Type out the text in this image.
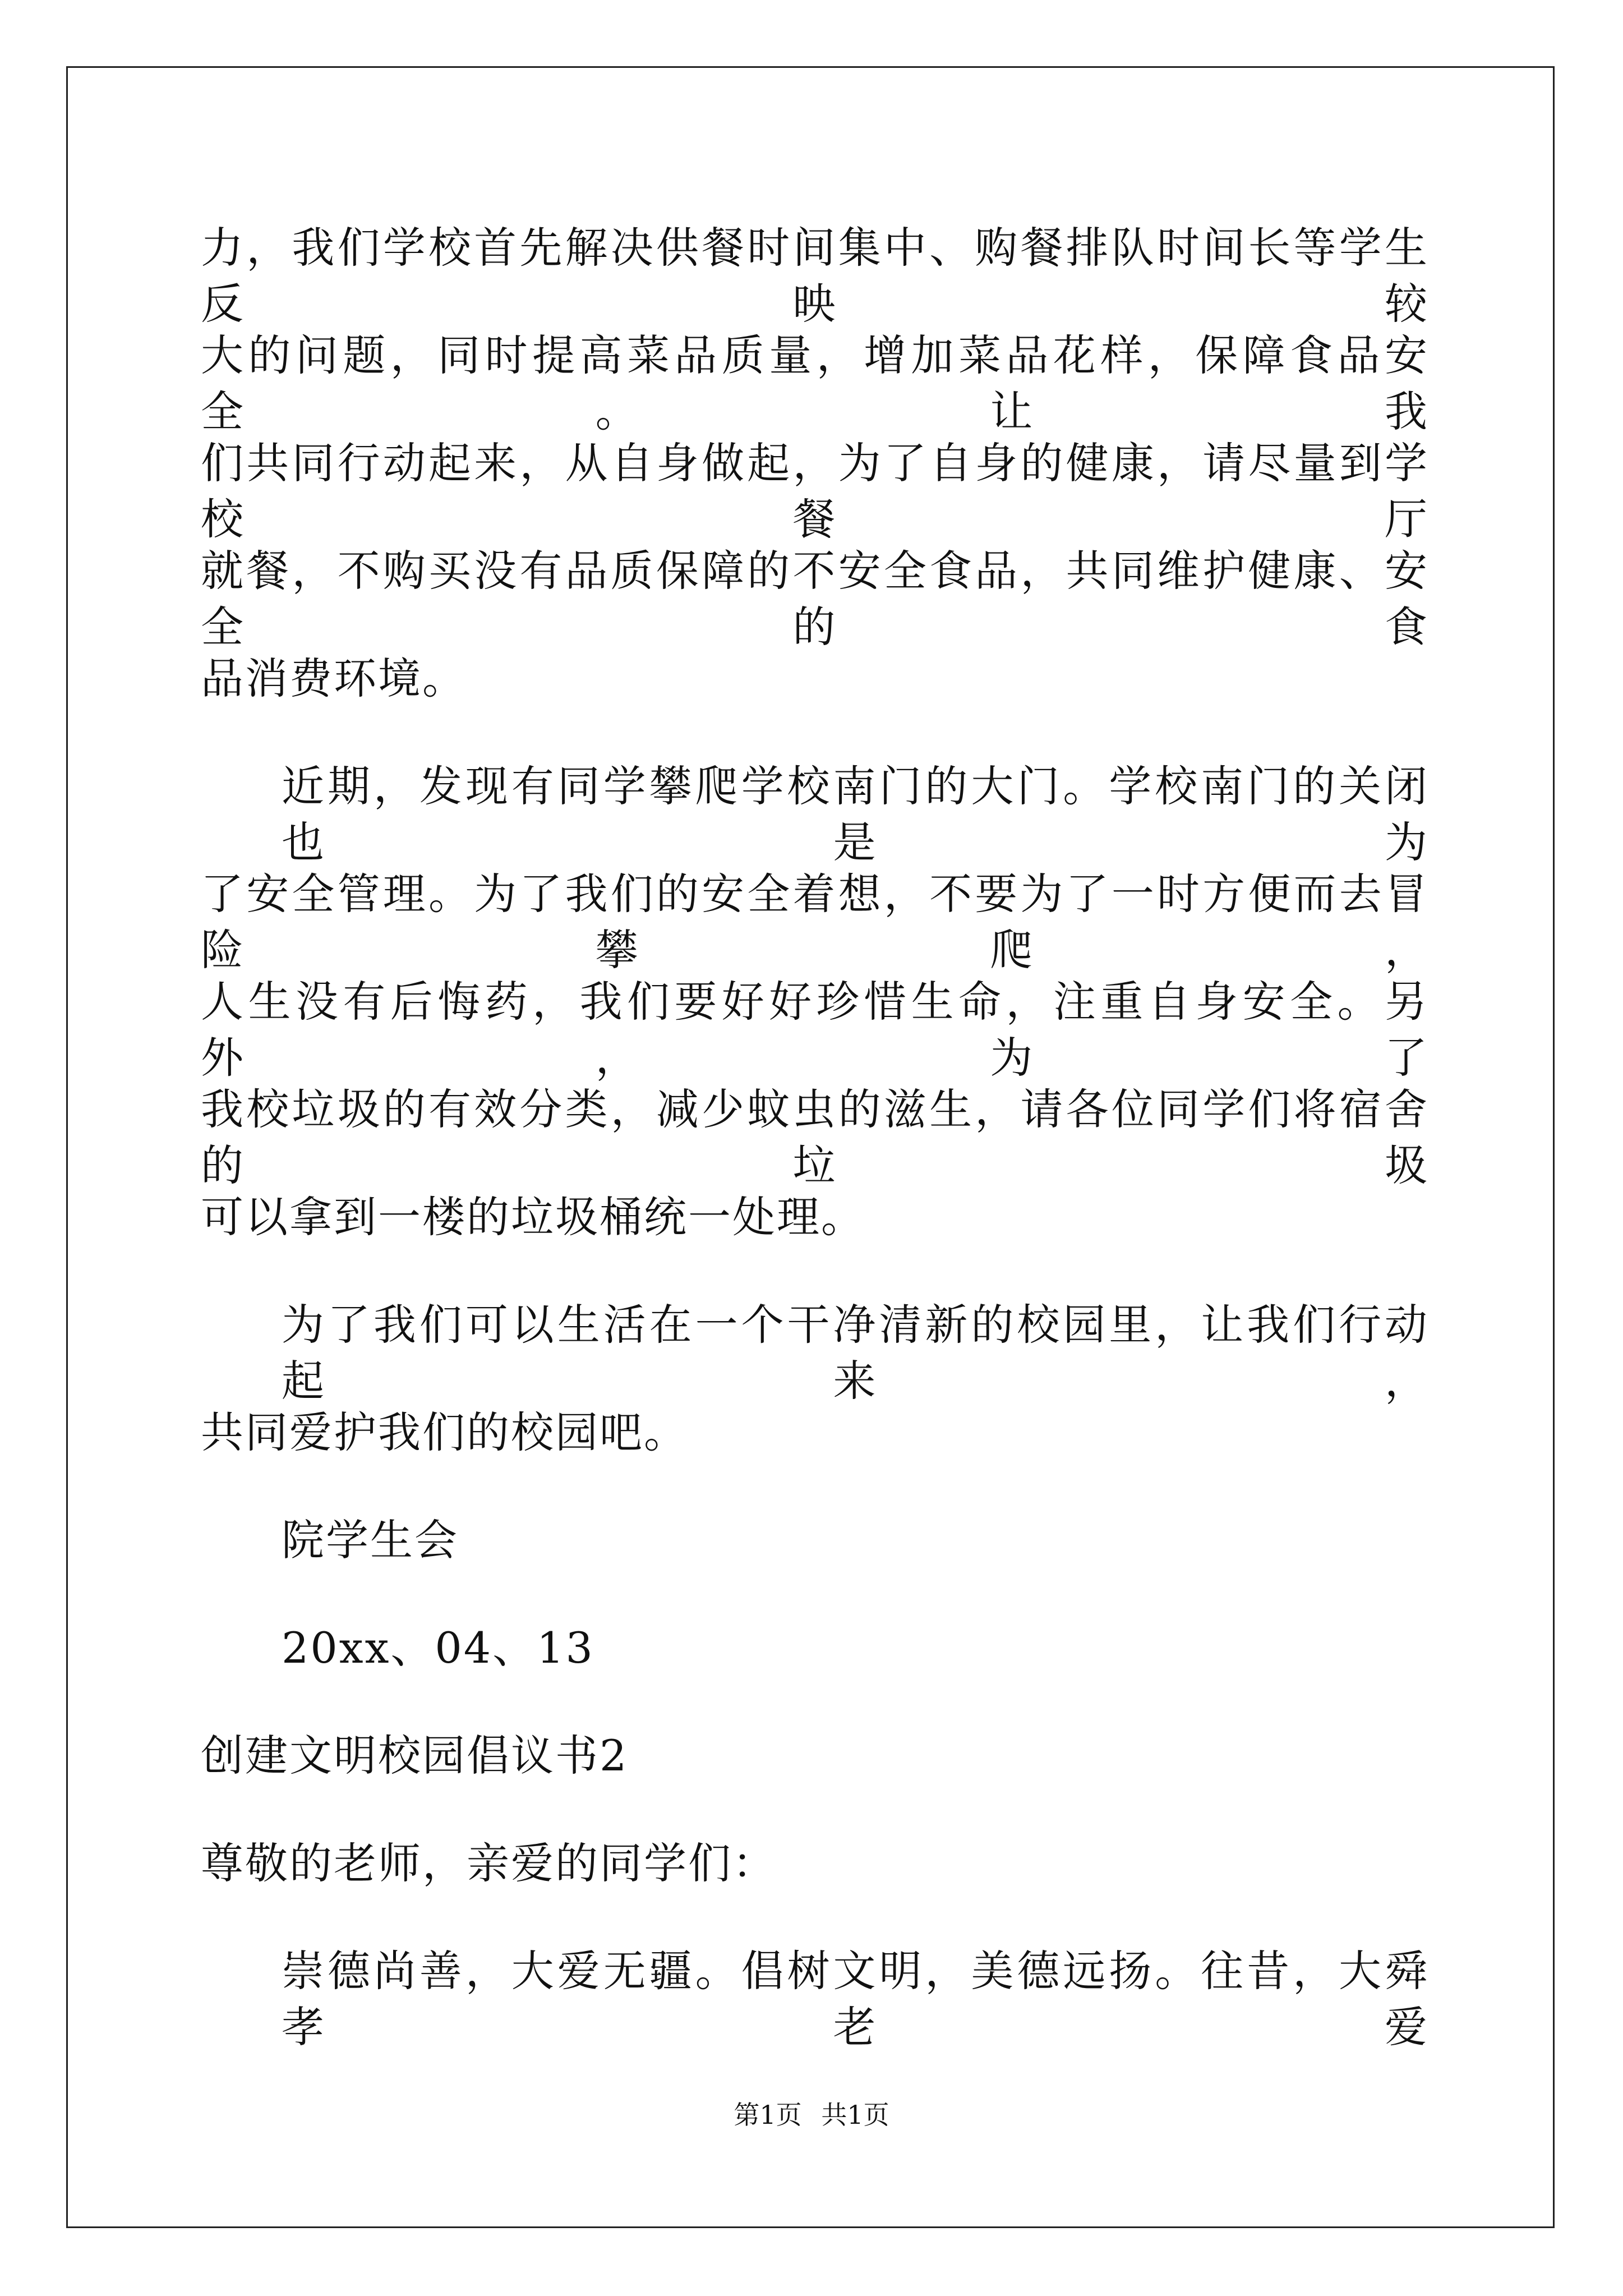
力，我们学校首先解决供餐时间集中、购餐排队时间长等学生反映较
大的问题，同时提高菜品质量，增加菜品花样，保障食品安全。让我
们共同行动起来，从自身做起，为了自身的健康，请尽量到学校餐厅
就餐，不购买没有品质保障的不安全食品，共同维护健康、安全的食
品消费环境。
近期，发现有同学攀爬学校南门的大门。学校南门的关闭也是为
了安全管理。为了我们的安全着想，不要为了一时方便而去冒险攀爬，
人生没有后悔药，我们要好好珍惜生命，注重自身安全。另外，为了
我校垃圾的有效分类，减少蚊虫的滋生，请各位同学们将宿舍的垃圾
可以拿到一楼的垃圾桶统一处理。
为了我们可以生活在一个干净清新的校园里，让我们行动起来，
共同爱护我们的校园吧。
院学生会
20xx、04、13
创建文明校园倡议书2
尊敬的老师，亲爱的同学们：
崇德尚善，大爱无疆。倡树文明，美德远扬。往昔，大舜孝老爱
第1页 共1页
